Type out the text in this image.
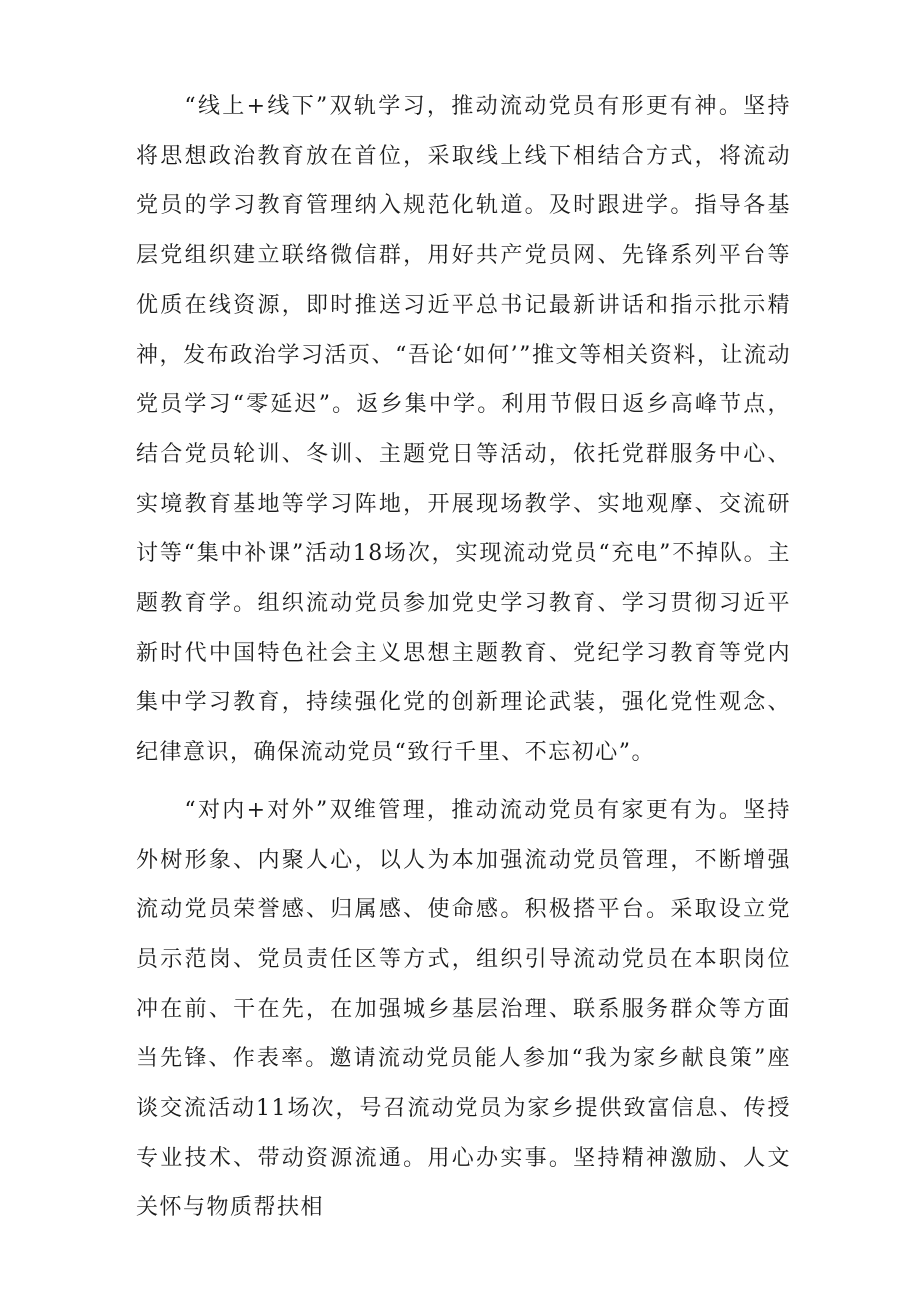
“线上+线下”双轨学习，推动流动党员有形更有神。坚持将思想政治教育放在首位，采取线上线下相结合方式，将流动党员的学习教育管理纳入规范化轨道。及时跟进学。指导各基层党组织建立联络微信群，用好共产党员网、先锋系列平台等优质在线资源，即时推送习近平总书记最新讲话和指示批示精神，发布政治学习活页、“吾论‘如何’”推文等相关资料，让流动党员学习“零延迟”。返乡集中学。利用节假日返乡高峰节点，结合党员轮训、冬训、主题党日等活动，依托党群服务中心、实境教育基地等学习阵地，开展现场教学、实地观摩、交流研讨等“集中补课”活动18场次，实现流动党员“充电”不掉队。主题教育学。组织流动党员参加党史学习教育、学习贯彻习近平新时代中国特色社会主义思想主题教育、党纪学习教育等党内集中学习教育，持续强化党的创新理论武装，强化党性观念、纪律意识，确保流动党员“致行千里、不忘初心”。

“对内+对外”双维管理，推动流动党员有家更有为。坚持外树形象、内聚人心，以人为本加强流动党员管理，不断增强流动党员荣誉感、归属感、使命感。积极搭平台。采取设立党员示范岗、党员责任区等方式，组织引导流动党员在本职岗位冲在前、干在先，在加强城乡基层治理、联系服务群众等方面当先锋、作表率。邀请流动党员能人参加“我为家乡献良策”座谈交流活动11场次，号召流动党员为家乡提供致富信息、传授专业技术、带动资源流通。用心办实事。坚持精神激励、人文关怀与物质帮扶相
